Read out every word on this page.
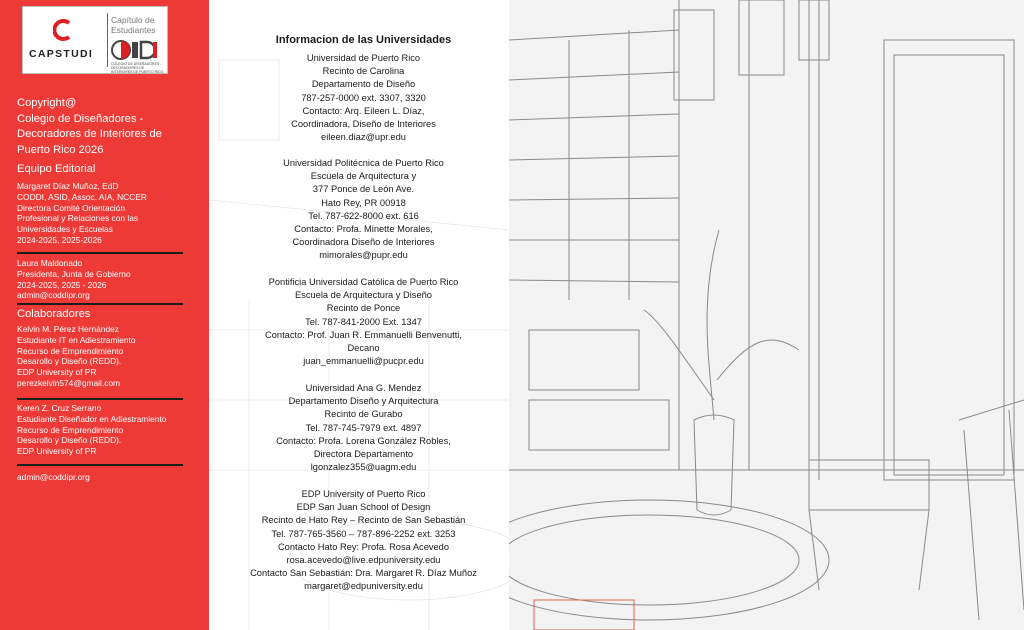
CAPSTUDI
Capítulo de
Estudiantes
COLEGIO DE DISEÑADORES - DECORADORES DE INTERIORES DE PUERTO RICO
Copyright@
Colegio de Diseñadores -
Decoradores de Interiores de
Puerto Rico 2026
Equipo Editorial
Margaret Díaz Muñoz, EdD
CODDI, ASID, Assoc. AIA, NCCER
Directora Comité Orientación
Profesional y Relaciones con las
Universidades y Escuelas
2024-2025, 2025-2026
Laura Maldonado
Presidenta, Junta de Gobierno
2024-2025, 2025 - 2026
admin@coddipr.org
Colaboradores
Kelvin M. Pérez Hernández
Estudiante IT en Adiestramiento
Recurso de Emprendimiento
Desarollo y Diseño (REDD).
EDP University of PR
perezkelvin574@gmail.com
Keren Z. Cruz Serrano
Estudiante Diseñador en Adiestramiento
Recurso de Emprendimiento
Desarollo y Diseño (REDD).
EDP University of PR
admin@coddipr.org
Informacion de las Universidades
Universidad de Puerto Rico
Recinto de Carolina
Departamento de Diseño
787-257-0000 ext. 3307, 3320
Contacto: Arq. Eileen L. Díaz,
Coordinadora, Diseño de Interiores
eileen.diaz@upr.edu
Universidad Politécnica de Puerto Rico
Escuela de Arquitectura y
377 Ponce de León Ave.
Hato Rey, PR 00918
Tel. 787-622-8000 ext. 616
Contacto: Profa. Minette Morales,
Coordinadora Diseño de Interiores
mimorales@pupr.edu
Pontificia Universidad Católica de Puerto Rico
Escuela de Arquitectura y Diseño
Recinto de Ponce
Tel. 787-841-2000 Ext. 1347
Contacto: Prof. Juan R. Emmanuelli Benvenutti,
Decano
juan_emmanuelli@pucpr.edu
Universidad Ana G. Mendez
Departamento Diseño y Arquitectura
Recinto de Gurabo
Tel. 787-745-7979 ext. 4897
Contacto: Profa. Lorena González Robles,
Directora Departamento
lgonzalez355@uagm.edu
EDP University of Puerto Rico
EDP San Juan School of Design
Recinto de Hato Rey – Recinto de San Sebastián
Tel. 787-765-3560 – 787-896-2252 ext. 3253
Contacto Hato Rey: Profa. Rosa Acevedo
rosa.acevedo@live.edpuniversity.edu
Contacto San Sebastián: Dra. Margaret R. Díaz Muñoz
margaret@edpuniversity.edu
